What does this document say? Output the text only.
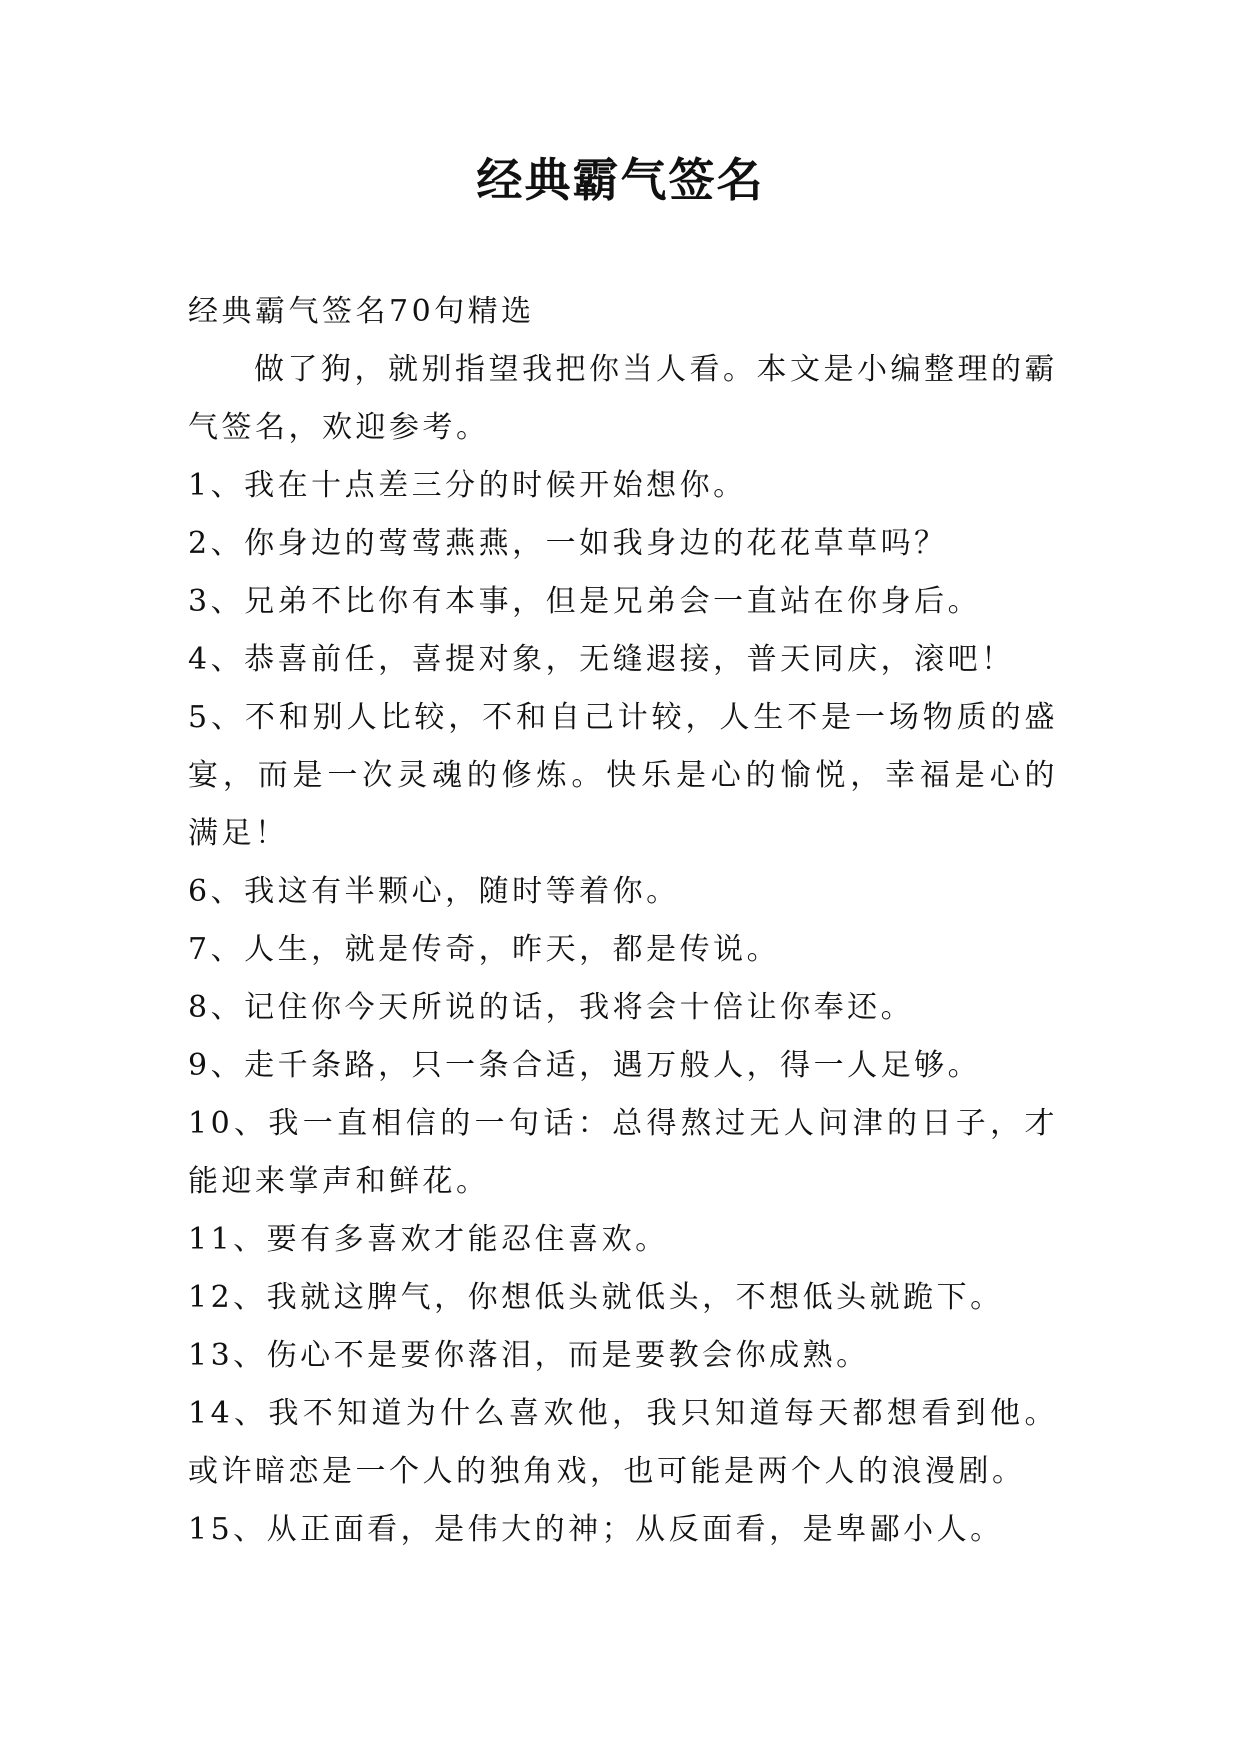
经典霸气签名

经典霸气签名70句精选

做了狗，就别指望我把你当人看。本文是小编整理的霸气签名，欢迎参考。

1、我在十点差三分的时候开始想你。

2、你身边的莺莺燕燕，一如我身边的花花草草吗？

3、兄弟不比你有本事，但是兄弟会一直站在你身后。

4、恭喜前任，喜提对象，无缝遐接，普天同庆，滚吧！

5、不和别人比较，不和自己计较，人生不是一场物质的盛宴，而是一次灵魂的修炼。快乐是心的愉悦，幸福是心的满足！

6、我这有半颗心，随时等着你。

7、人生，就是传奇，昨天，都是传说。

8、记住你今天所说的话，我将会十倍让你奉还。

9、走千条路，只一条合适，遇万般人，得一人足够。

10、我一直相信的一句话：总得熬过无人问津的日子，才能迎来掌声和鲜花。

11、要有多喜欢才能忍住喜欢。

12、我就这脾气，你想低头就低头，不想低头就跪下。

13、伤心不是要你落泪，而是要教会你成熟。

14、我不知道为什么喜欢他，我只知道每天都想看到他。或许暗恋是一个人的独角戏，也可能是两个人的浪漫剧。

15、从正面看，是伟大的神；从反面看，是卑鄙小人。
